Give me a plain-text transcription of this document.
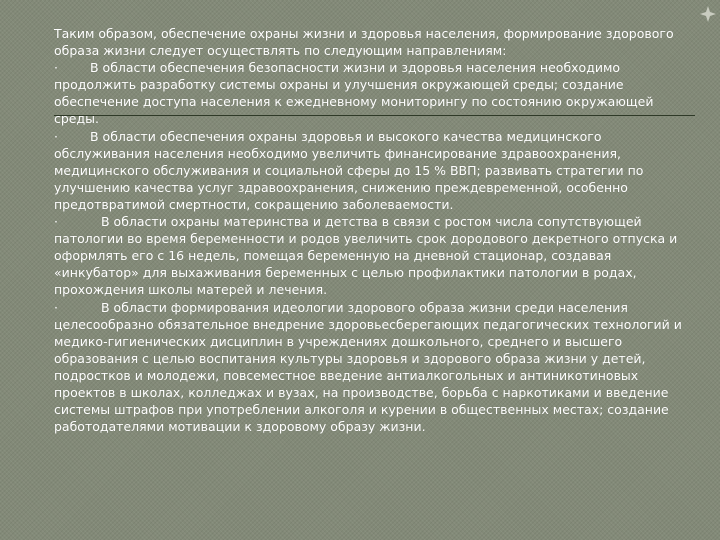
Таким образом, обеспечение охраны жизни и здоровья населения, формирование здорового образа жизни следует осуществлять по следующим направлениям:

·	В области обеспечения безопасности жизни и здоровья населения необходимо продолжить разработку системы охраны и улучшения окружающей среды; создание обеспечение доступа населения к ежедневному мониторингу по состоянию окружающей среды.

·	В области обеспечения охраны здоровья и высокого качества медицинского обслуживания населения необходимо увеличить финансирование здравоохранения, медицинского обслуживания и социальной сферы до 15 % ВВП; развивать стратегии по улучшению качества услуг здравоохранения, снижению преждевременной, особенно предотвратимой смертности, сокращению заболеваемости.

·	В области охраны материнства и детства в связи с ростом числа сопутствующей патологии во время беременности и родов увеличить срок дородового декретного отпуска и оформлять его с 16 недель, помещая беременную на дневной стационар, создавая «инкубатор» для выхаживания беременных с целью профилактики патологии в родах, прохождения школы матерей и лечения.

·	В области формирования идеологии здорового образа жизни среди населения целесообразно обязательное внедрение здоровьесберегающих педагогических технологий и медико-гигиенических дисциплин в учреждениях дошкольного, среднего и высшего образования с целью воспитания культуры здоровья и здорового образа жизни у детей, подростков и молодежи, повсеместное введение антиалкогольных и антиникотиновых проектов в школах, колледжах и вузах, на производстве, борьба с наркотиками и введение системы штрафов при употреблении алкоголя и курении в общественных местах; создание работодателями мотивации к здоровому образу жизни.
